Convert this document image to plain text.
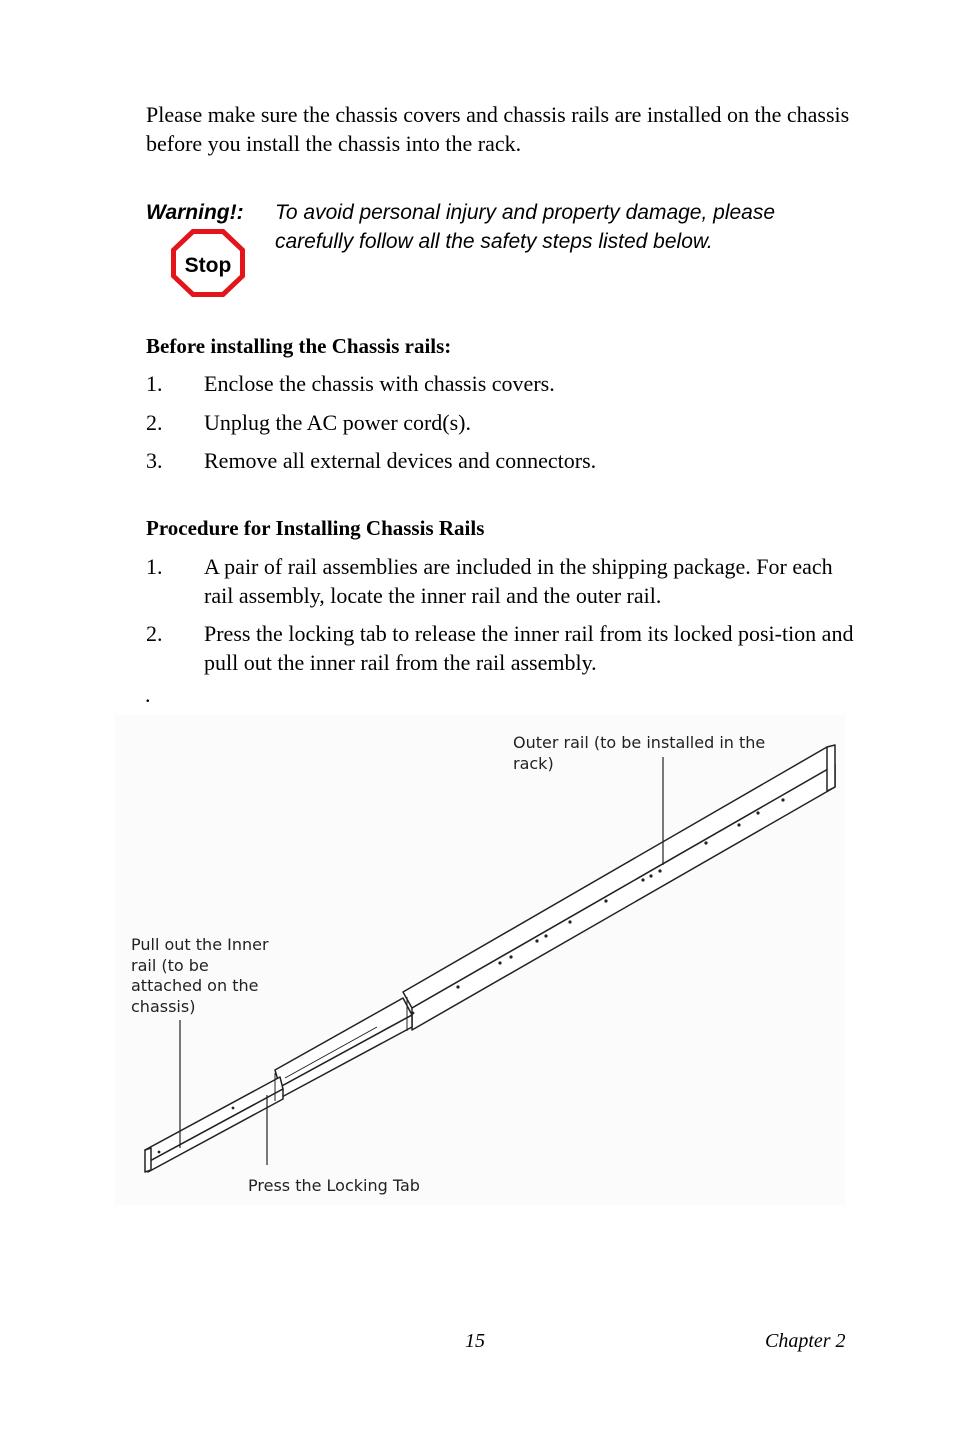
Please make sure the chassis covers and chassis rails are installed on the chassis before you install the chassis into the rack.
Warning!: To avoid personal injury and property damage, please carefully follow all the safety steps listed below.
Stop
Before installing the Chassis rails:
1. Enclose the chassis with chassis covers.
2. Unplug the AC power cord(s).
3. Remove all external devices and connectors.
Procedure for Installing Chassis Rails
1. A pair of rail assemblies are included in the shipping package. For each rail assembly, locate the inner rail and the outer rail.
2. Press the locking tab to release the inner rail from its locked posi-tion and pull out the inner rail from the rail assembly.
.
Outer rail (to be installed in the
rack)
Pull out the Inner
rail (to be
attached on the
chassis)
Press the Locking Tab
15	Chapter 2
